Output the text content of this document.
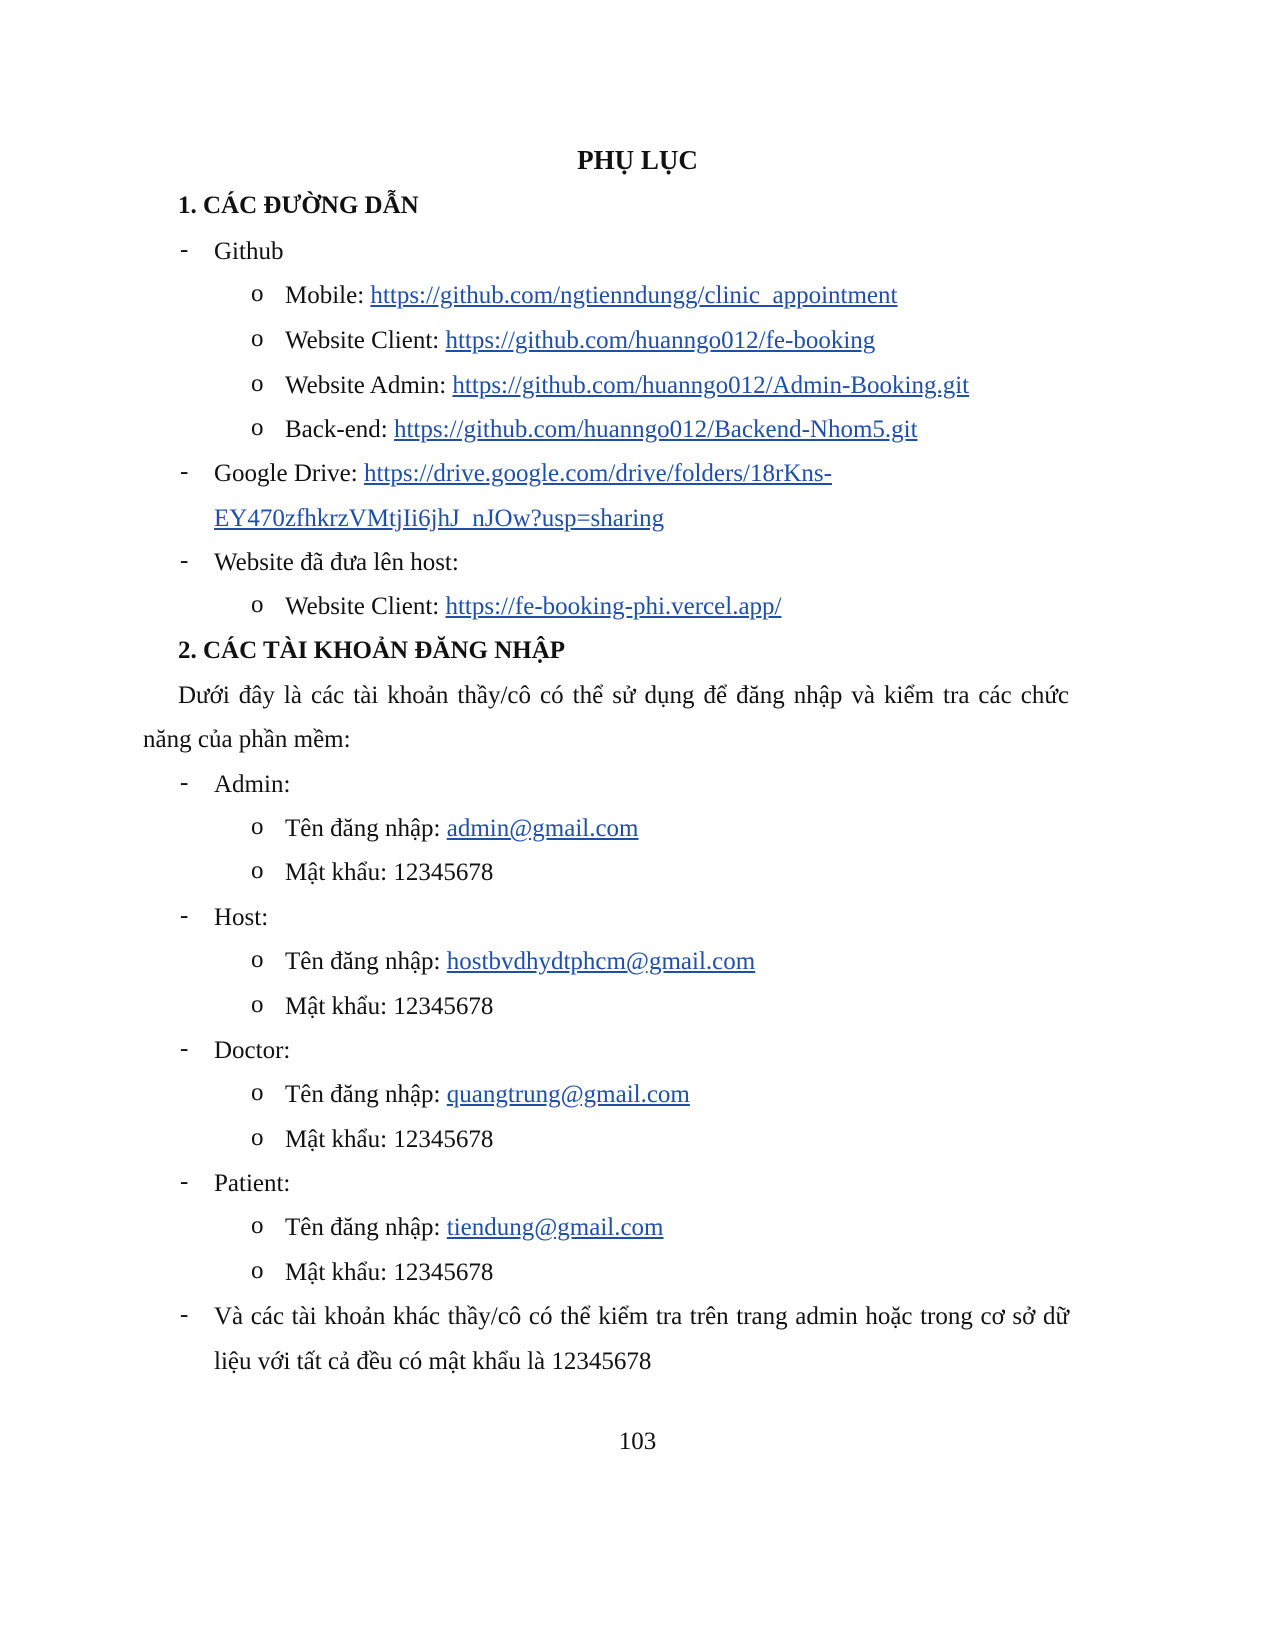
PHỤ LỤC
1. CÁC ĐƯỜNG DẪN
- Github
o Mobile: https://github.com/ngtienndungg/clinic_appointment
o Website Client: https://github.com/huanngo012/fe-booking
o Website Admin: https://github.com/huanngo012/Admin-Booking.git
o Back-end: https://github.com/huanngo012/Backend-Nhom5.git
- Google Drive: https://drive.google.com/drive/folders/18rKns-
EY470zfhkrzVMtjIi6jhJ_nJOw?usp=sharing
- Website đã đưa lên host:
o Website Client: https://fe-booking-phi.vercel.app/
2. CÁC TÀI KHOẢN ĐĂNG NHẬP
Dưới đây là các tài khoản thầy/cô có thể sử dụng để đăng nhập và kiểm tra các chức
năng của phần mềm:
- Admin:
o Tên đăng nhập: admin@gmail.com
o Mật khẩu: 12345678
- Host:
o Tên đăng nhập: hostbvdhydtphcm@gmail.com
o Mật khẩu: 12345678
- Doctor:
o Tên đăng nhập: quangtrung@gmail.com
o Mật khẩu: 12345678
- Patient:
o Tên đăng nhập: tiendung@gmail.com
o Mật khẩu: 12345678
- Và các tài khoản khác thầy/cô có thể kiểm tra trên trang admin hoặc trong cơ sở dữ
liệu với tất cả đều có mật khẩu là 12345678
103
